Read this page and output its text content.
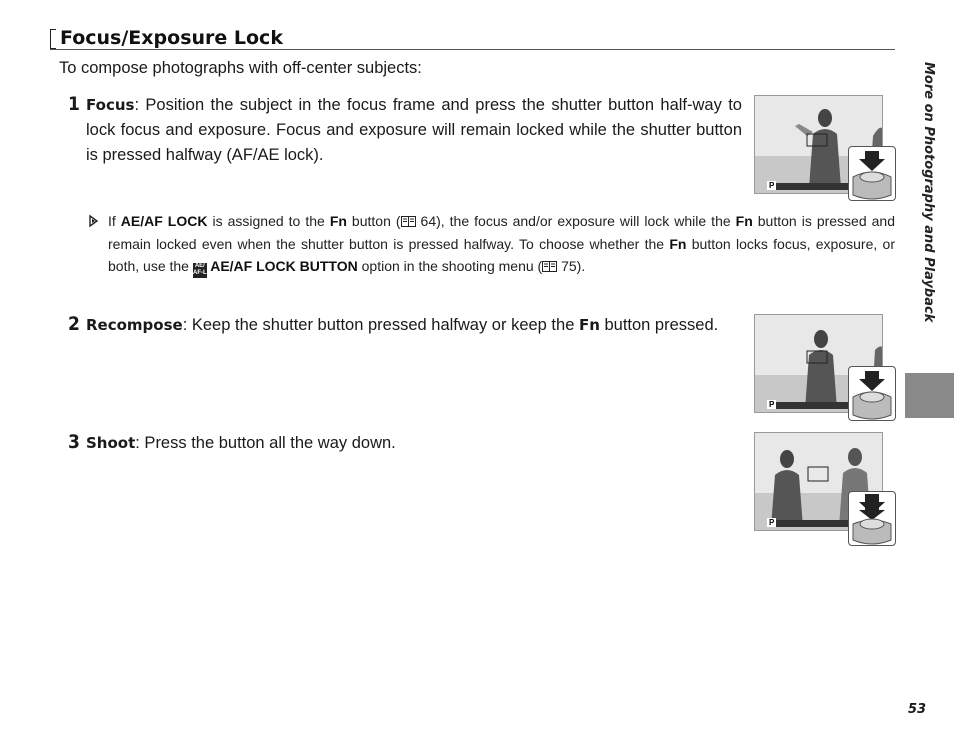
Focus/Exposure Lock
To compose photographs with off-center subjects:
1 Focus: Position the subject in the focus frame and press the shutter button half-way to lock focus and exposure. Focus and exposure will remain locked while the shutter button is pressed halfway (AF/AE lock).
P
If AE/AF LOCK is assigned to the Fn button ( 64), the focus and/or exposure will lock while the Fn button is pressed and remain locked even when the shutter button is pressed halfway. To choose whether the Fn button locks focus, exposure, or both, use the AE/ AF-L AE/AF LOCK BUTTON option in the shooting menu ( 75).
2 Recompose: Keep the shutter button pressed halfway or keep the Fn button pressed.
P
3 Shoot: Press the button all the way down.
P
More on Photography and Playback
53
